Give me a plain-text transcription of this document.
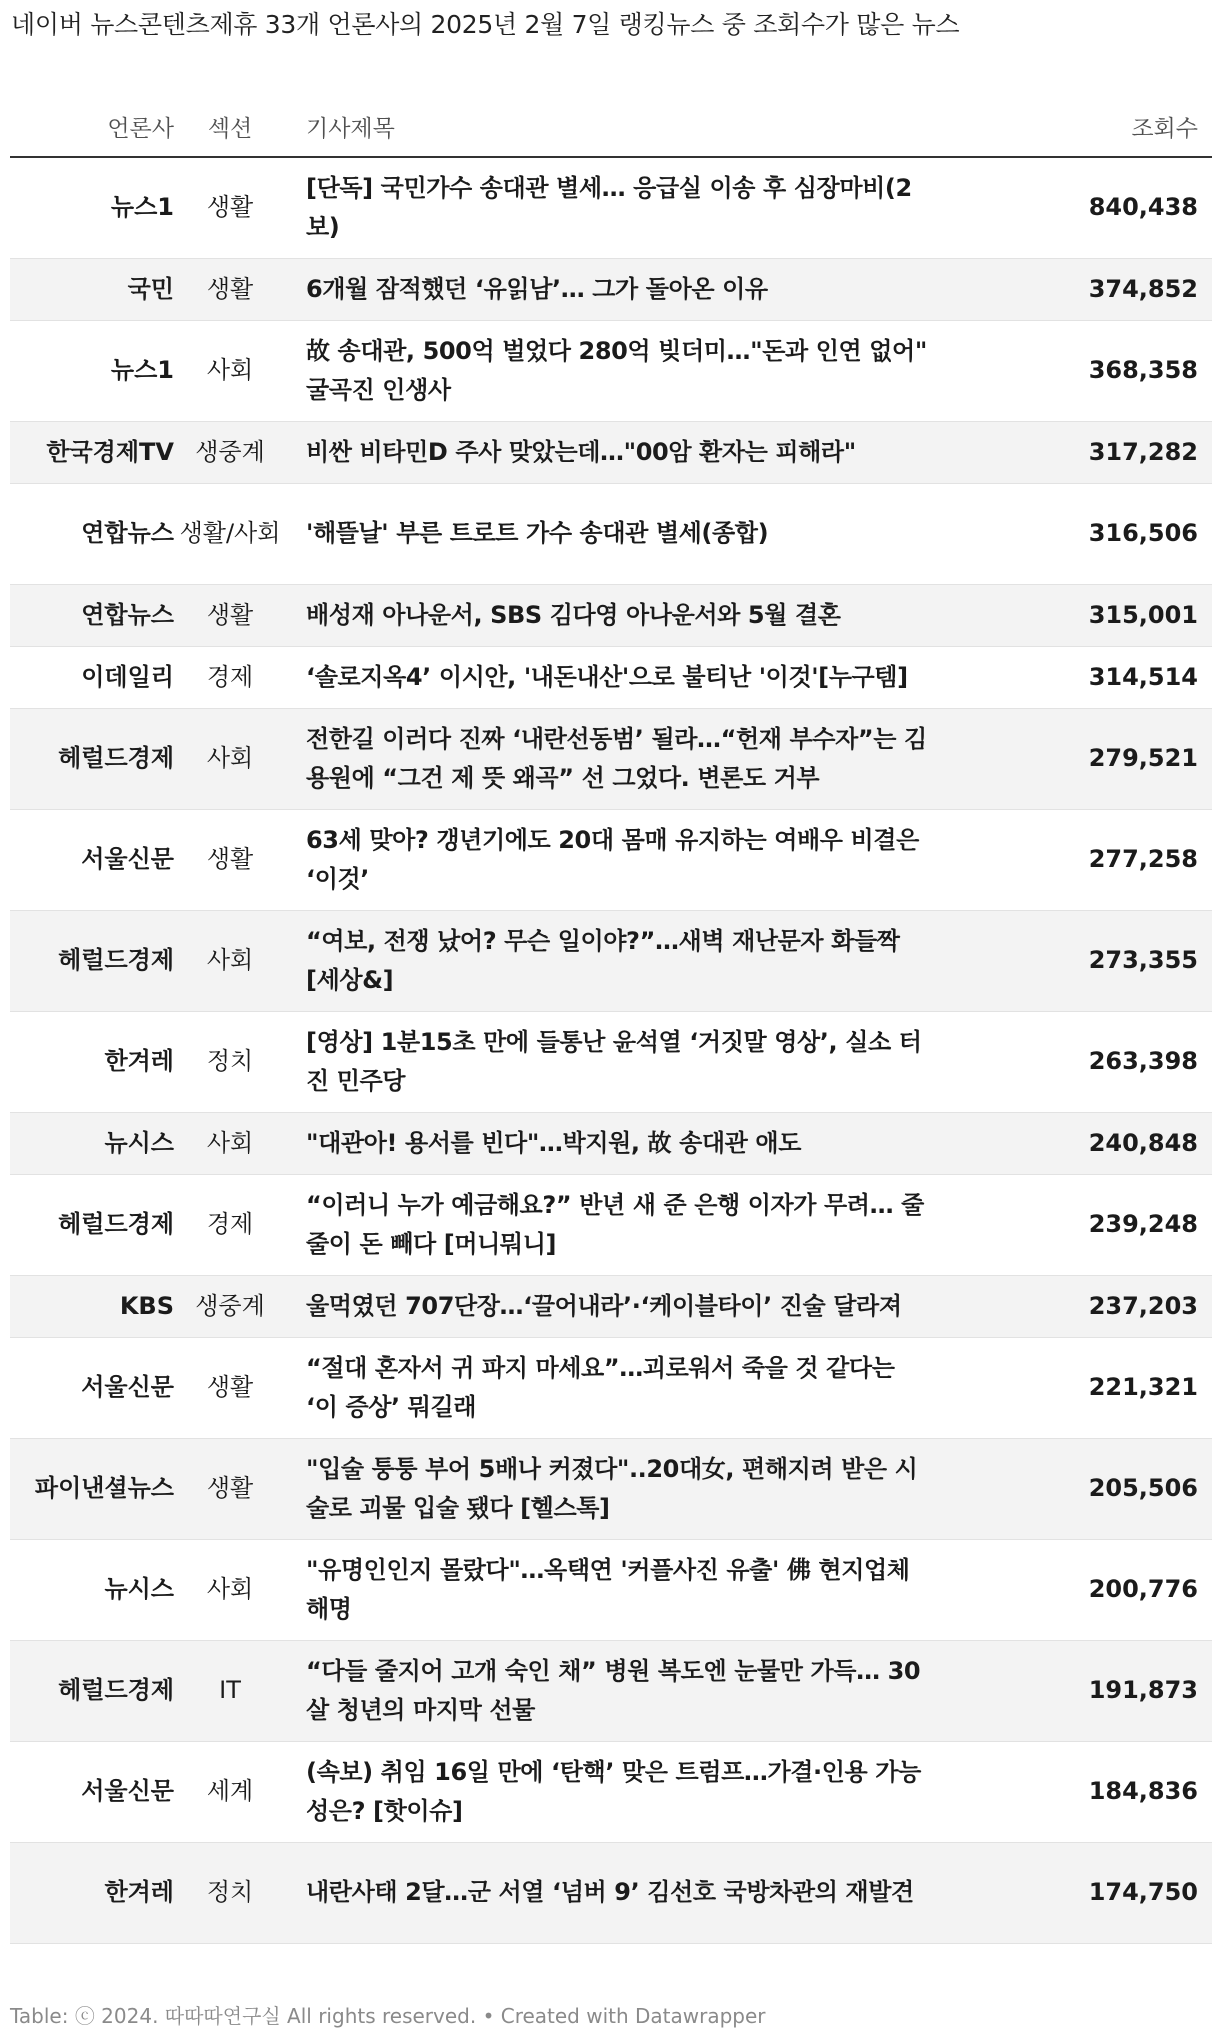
네이버 뉴스콘텐츠제휴 33개 언론사의 2025년 2월 7일 랭킹뉴스 중 조회수가 많은 뉴스
언론사	섹션	기사제목	조회수
뉴스1	생활	[단독] 국민가수 송대관 별세… 응급실 이송 후 심장마비(2보)	840,438
국민	생활	6개월 잠적했던 ‘유읽남’… 그가 돌아온 이유	374,852
뉴스1	사회	故 송대관, 500억 벌었다 280억 빚더미…"돈과 인연 없어" 굴곡진 인생사	368,358
한국경제TV	생중계	비싼 비타민D 주사 맞았는데…"00암 환자는 피해라"	317,282
연합뉴스	생활/사회	'해뜰날' 부른 트로트 가수 송대관 별세(종합)	316,506
연합뉴스	생활	배성재 아나운서, SBS 김다영 아나운서와 5월 결혼	315,001
이데일리	경제	‘솔로지옥4’ 이시안, '내돈내산'으로 불티난 '이것'[누구템]	314,514
헤럴드경제	사회	전한길 이러다 진짜 ‘내란선동범’ 될라…“헌재 부수자”는 김용원에 “그건 제 뜻 왜곡” 선 그었다. 변론도 거부	279,521
서울신문	생활	63세 맞아? 갱년기에도 20대 몸매 유지하는 여배우 비결은 ‘이것’	277,258
헤럴드경제	사회	“여보, 전쟁 났어? 무슨 일이야?”…새벽 재난문자 화들짝 [세상&]	273,355
한겨레	정치	[영상] 1분15초 만에 들통난 윤석열 ‘거짓말 영상’, 실소 터진 민주당	263,398
뉴시스	사회	"대관아! 용서를 빈다"…박지원, 故 송대관 애도	240,848
헤럴드경제	경제	“이러니 누가 예금해요?” 반년 새 준 은행 이자가 무려… 줄줄이 돈 빼다 [머니뭐니]	239,248
KBS	생중계	울먹였던 707단장…‘끌어내라’·‘케이블타이’ 진술 달라져	237,203
서울신문	생활	“절대 혼자서 귀 파지 마세요”…괴로워서 죽을 것 같다는 ‘이 증상’ 뭐길래	221,321
파이낸셜뉴스	생활	"입술 퉁퉁 부어 5배나 커졌다"..20대女, 편해지려 받은 시술로 괴물 입술 됐다 [헬스톡]	205,506
뉴시스	사회	"유명인인지 몰랐다"…옥택연 '커플사진 유출' 佛 현지업체 해명	200,776
헤럴드경제	IT	“다들 줄지어 고개 숙인 채” 병원 복도엔 눈물만 가득… 30살 청년의 마지막 선물	191,873
서울신문	세계	(속보) 취임 16일 만에 ‘탄핵’ 맞은 트럼프…가결·인용 가능성은? [핫이슈]	184,836
한겨레	정치	내란사태 2달…군 서열 ‘넘버 9’ 김선호 국방차관의 재발견	174,750
Table: ⓒ 2024. 따따따연구실 All rights reserved. • Created with Datawrapper
